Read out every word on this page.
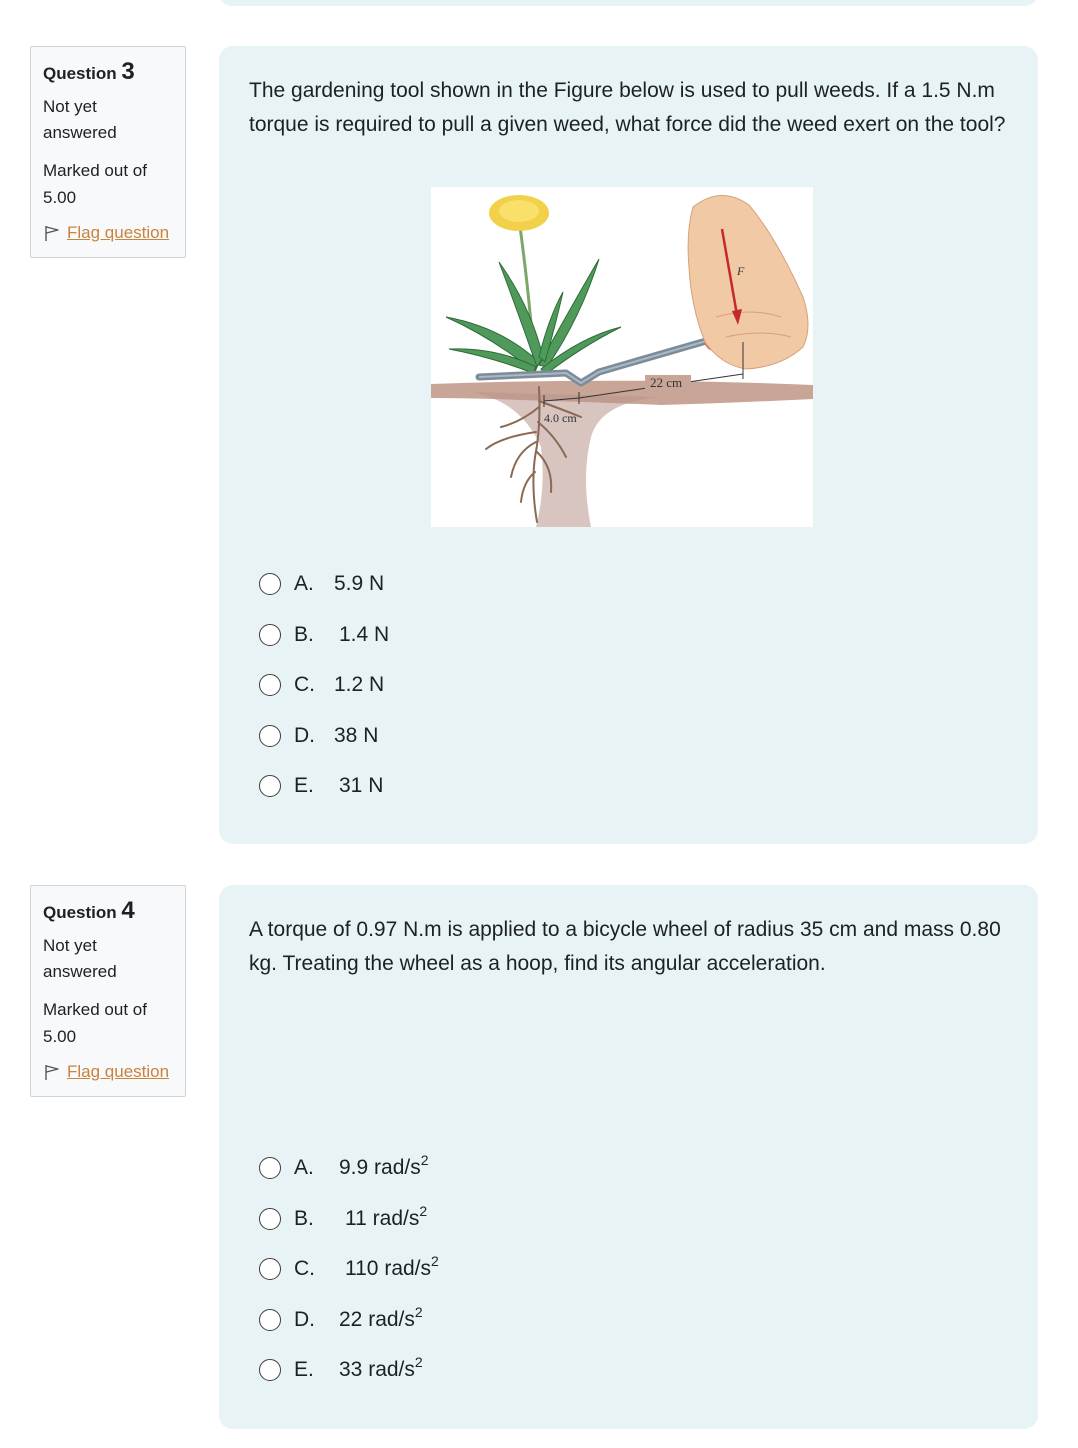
Question 3
Not yet answered
Marked out of 5.00
Flag question
The gardening tool shown in the Figure below is used to pull weeds. If a 1.5 N.m torque is required to pull a given weed, what force did the weed exert on the tool?
F
22 cm
4.0 cm
A. 5.9 N
B.	1.4 N
C. 1.2 N
D. 38 N
E.	31 N
Question 4
Not yet answered
Marked out of 5.00
Flag question
A torque of 0.97 N.m is applied to a bicycle wheel of radius 35 cm and mass 0.80 kg. Treating the wheel as a hoop, find its angular acceleration.
A.	9.9 rad/$s^2$
B.	11 rad/$s^2$
C.	110 rad/$s^2$
D.	22 rad/$s^2$
E.	33 rad/$s^2$
